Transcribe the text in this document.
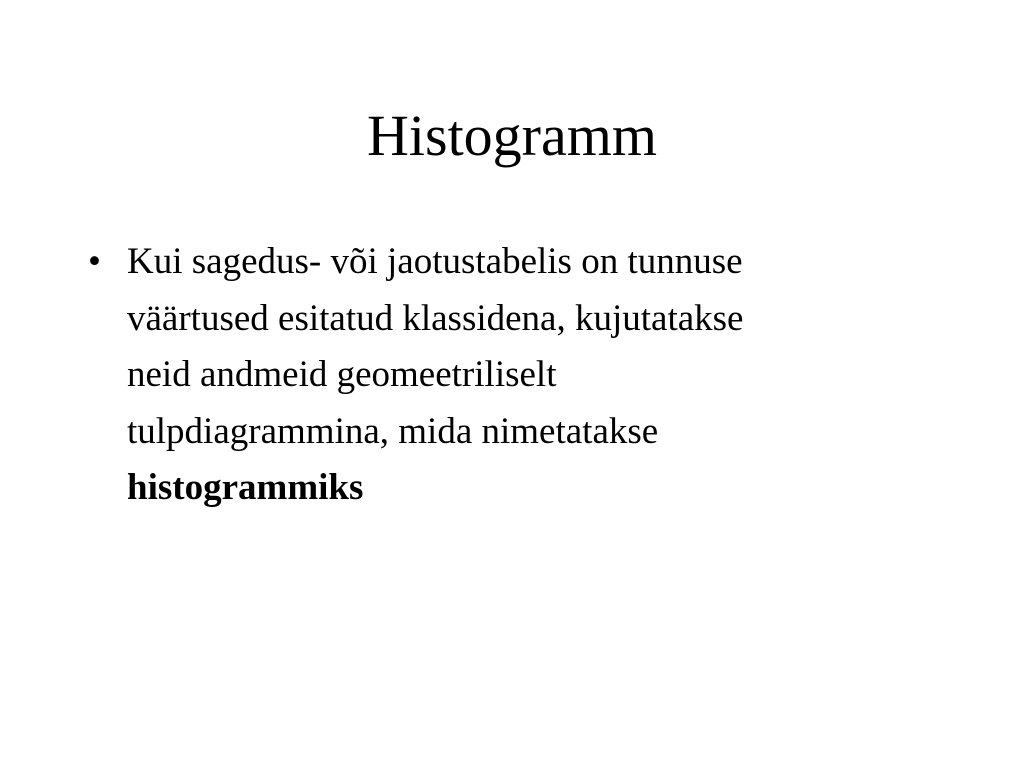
Histogramm
• Kui sagedus- või jaotustabelis on tunnuse
väärtused esitatud klassidena, kujutatakse
neid andmeid geomeetriliselt
tulpdiagrammina, mida nimetatakse
histogrammiks
